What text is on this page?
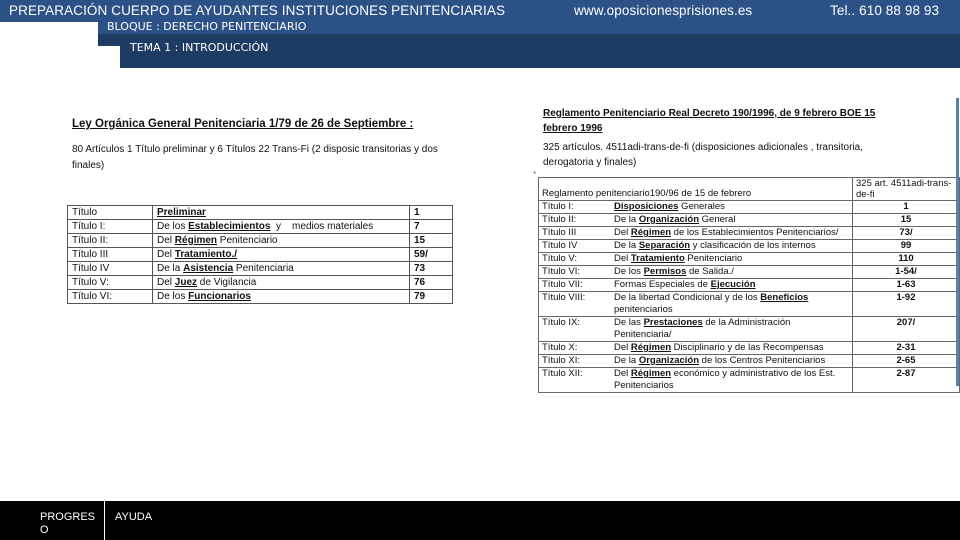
PREPARACIÓN CUERPO DE AYUDANTES INSTITUCIONES PENITENCIARIAS	www.oposicionesprisiones.es	Tel.. 610 88 98 93
BLOQUE : DERECHO PENITENCIARIO
TEMA 1 : INTRODUCCIÓN
Ley Orgánica General Penitenciaria 1/79 de 26 de Septiembre :
80 Artículos 1 Título preliminar y 6 Títulos 22 Trans-Fi (2 disposic transitorias y dos finales)
Título	Preliminar	1
Título I:	De los Establecimientos  y    medios materiales	7
Título II:	Del Régimen Penitenciario	15
Título III	Del Tratamiento./	59/
Título IV	De la Asistencia Penitenciaria	73
Título V:	Del Juez de Vigilancia	76
Título VI:	De los Funcionarios	79
Reglamento Penitenciario Real Decreto 190/1996, de 9 febrero BOE 15 febrero 1996
325 artículos. 4511adi-trans-de-fi (disposiciones adicionales , transitoria, derogatoria y finales)
Reglamento penitenciario190/96 de 15 de febrero	325 art. 4511adi-trans-de-fi

Título I: Disposiciones Generales	1

Título II: De la Organización General	15

Título III Del Régimen de los Establecimientos Penitenciarios/	73/

Título IV De la Separación y clasificación de los internos	99

Título V: Del Tratamiento Penitenciario	110

Título VI: De los Permisos de Salida./	1-54/

Título VII: Formas Especiales de Ejecución	1-63

Título VIII: De la libertad Condicional y de los Beneficios penitenciarios	1-92

Título IX: De las Prestaciones de la Administración Penitenciaria/	207/

Título X: Del Régimen Disciplinario y de las Recompensas	2-31

Título XI: De la Organización de los Centros Penitenciarios	2-65

Título XII: Del Régimen económico y administrativo de los Est. Penitenciarios	2-87
*
PROGRESO
AYUDA
